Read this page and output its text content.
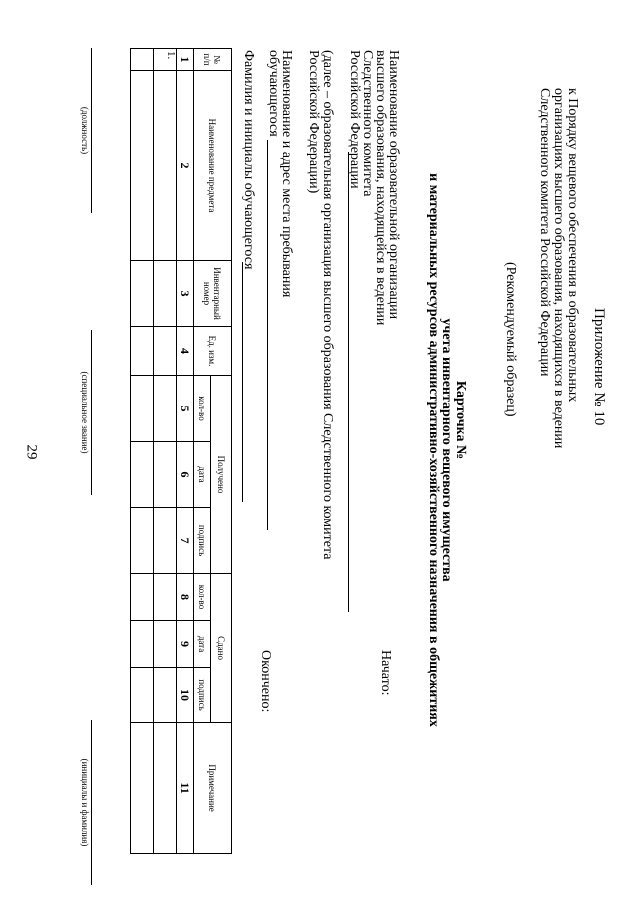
29
Приложение № 10
к Порядку вещевого обеспечения в образовательных
организациях высшего образования, находящихся в ведении
Следственного комитета Российской Федерации
(Рекомендуемый образец)
Карточка №
учета инвентарного вещевого имущества
и материальных ресурсов административно-хозяйственного назначения в общежитиях
Наименование образовательной организации
высшего образования, находящейся в ведении
Следственного комитета
Российской Федерации
Начато:
(далее – образовательная организация высшего образования Следственного комитета
Российской Федерации)
Наименование и адрес места пребывания
обучающегося
Окончено:
Фамилия и инициалы обучающегося
№ п/п	Наименование предмета	Инвентарный номер	Ед. изм.	Получено			Сдано			Примечание
				кол-во	дата	подпись	кол-во	дата	подпись	
1	2	3	4	5	6	7	8	9	10	11
1.										

(должность)
(специальное звание)
(инициалы и фамилия)
